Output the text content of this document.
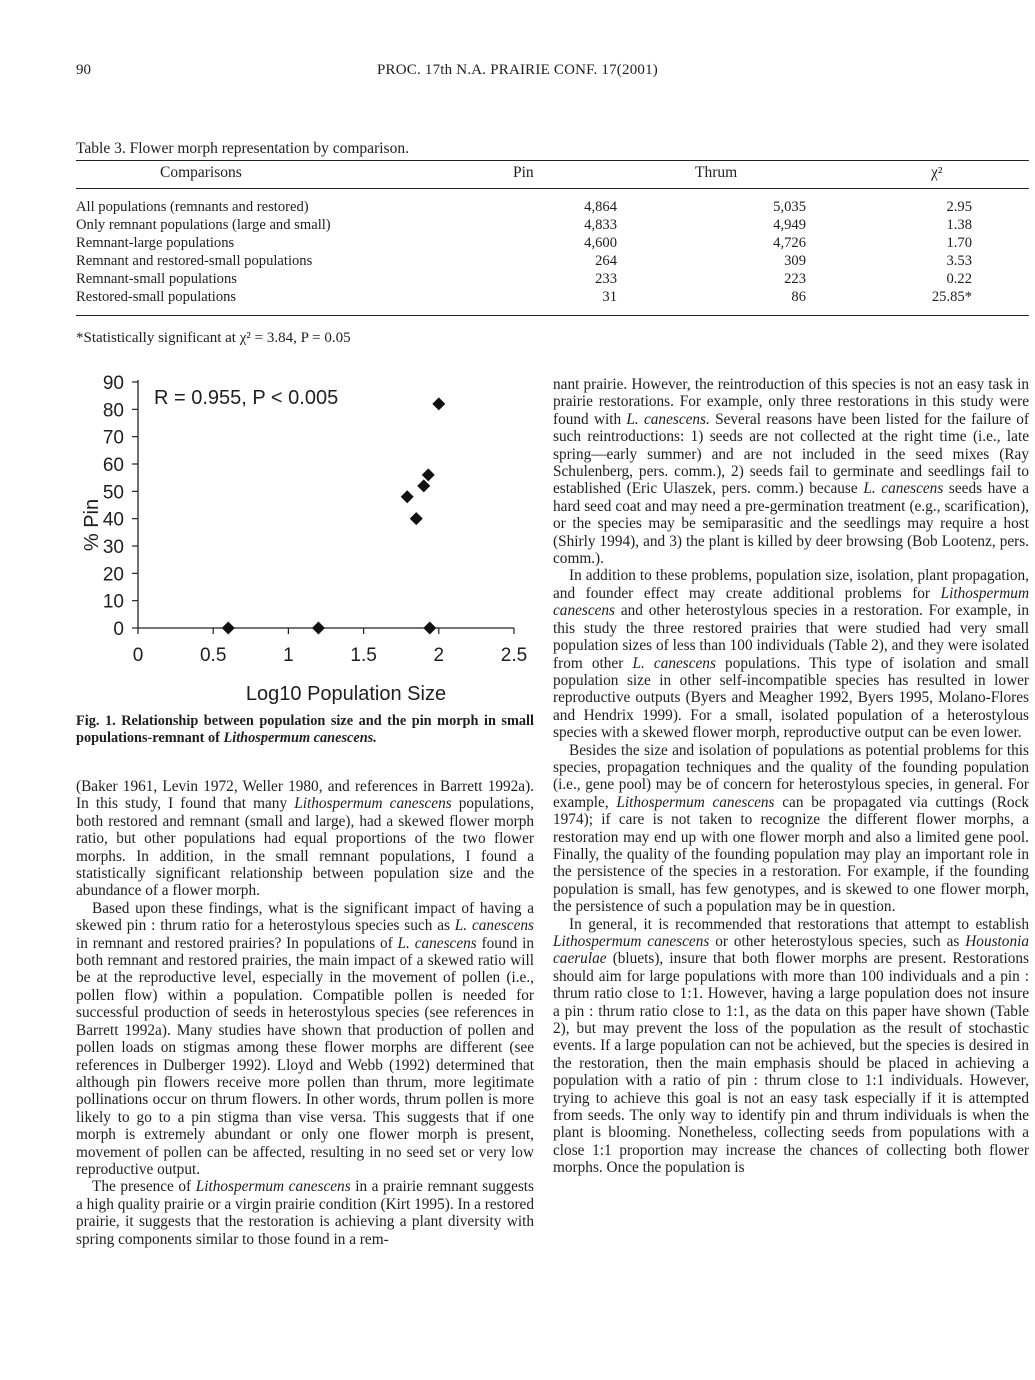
90	PROC. 17th N.A. PRAIRIE CONF. 17(2001)
Table 3. Flower morph representation by comparison.
Comparisons	Pin	Thrum	χ²
All populations (remnants and restored)	4,864	5,035	2.95
Only remnant populations (large and small)	4,833	4,949	1.38
Remnant-large populations	4,600	4,726	1.70
Remnant and restored-small populations	264	309	3.53
Remnant-small populations	233	223	0.22
Restored-small populations	31	86	25.85*
*Statistically significant at χ² = 3.84, P = 0.05
0
10
20
30
40
50
60
70
80
90
0	0.5	1	1.5	2	2.5
R = 0.955, P < 0.005
Log10 Population Size
% Pin
Fig. 1. Relationship between population size and the pin morph in small populations-remnant of Lithospermum canescens.

(Baker 1961, Levin 1972, Weller 1980, and references in Barrett 1992a). In this study, I found that many Lithospermum canescens populations, both restored and remnant (small and large), had a skewed flower morph ratio, but other populations had equal proportions of the two flower morphs. In addition, in the small remnant populations, I found a statistically significant relationship between population size and the abundance of a flower morph.

Based upon these findings, what is the significant impact of having a skewed pin : thrum ratio for a heterostylous species such as L. canescens in remnant and restored prairies? In populations of L. canescens found in both remnant and restored prairies, the main impact of a skewed ratio will be at the reproductive level, especially in the movement of pollen (i.e., pollen flow) within a population. Compatible pollen is needed for successful production of seeds in heterostylous species (see references in Barrett 1992a). Many studies have shown that production of pollen and pollen loads on stigmas among these flower morphs are different (see references in Dulberger 1992). Lloyd and Webb (1992) determined that although pin flowers receive more pollen than thrum, more legitimate pollinations occur on thrum flowers. In other words, thrum pollen is more likely to go to a pin stigma than vise versa. This suggests that if one morph is extremely abundant or only one flower morph is present, movement of pollen can be affected, resulting in no seed set or very low reproductive output.

The presence of Lithospermum canescens in a prairie remnant suggests a high quality prairie or a virgin prairie condition (Kirt 1995). In a restored prairie, it suggests that the restoration is achieving a plant diversity with spring components similar to those found in a rem-

nant prairie. However, the reintroduction of this species is not an easy task in prairie restorations. For example, only three restorations in this study were found with L. canescens. Several reasons have been listed for the failure of such reintroductions: 1) seeds are not collected at the right time (i.e., late spring—early summer) and are not included in the seed mixes (Ray Schulenberg, pers. comm.), 2) seeds fail to germinate and seedlings fail to established (Eric Ulaszek, pers. comm.) because L. canescens seeds have a hard seed coat and may need a pre-germination treatment (e.g., scarification), or the species may be semiparasitic and the seedlings may require a host (Shirly 1994), and 3) the plant is killed by deer browsing (Bob Lootenz, pers. comm.).

In addition to these problems, population size, isolation, plant propagation, and founder effect may create additional problems for Lithospermum canescens and other heterostylous species in a restoration. For example, in this study the three restored prairies that were studied had very small population sizes of less than 100 individuals (Table 2), and they were isolated from other L. canescens populations. This type of isolation and small population size in other self-incompatible species has resulted in lower reproductive outputs (Byers and Meagher 1992, Byers 1995, Molano-Flores and Hendrix 1999). For a small, isolated population of a heterostylous species with a skewed flower morph, reproductive output can be even lower.

Besides the size and isolation of populations as potential problems for this species, propagation techniques and the quality of the founding population (i.e., gene pool) may be of concern for heterostylous species, in general. For example, Lithospermum canescens can be propagated via cuttings (Rock 1974); if care is not taken to recognize the different flower morphs, a restoration may end up with one flower morph and also a limited gene pool. Finally, the quality of the founding population may play an important role in the persistence of the species in a restoration. For example, if the founding population is small, has few genotypes, and is skewed to one flower morph, the persistence of such a population may be in question.

In general, it is recommended that restorations that attempt to establish Lithospermum canescens or other heterostylous species, such as Houstonia caerulae (bluets), insure that both flower morphs are present. Restorations should aim for large populations with more than 100 individuals and a pin : thrum ratio close to 1:1. However, having a large population does not insure a pin : thrum ratio close to 1:1, as the data on this paper have shown (Table 2), but may prevent the loss of the population as the result of stochastic events. If a large population can not be achieved, but the species is desired in the restoration, then the main emphasis should be placed in achieving a population with a ratio of pin : thrum close to 1:1 individuals. However, trying to achieve this goal is not an easy task especially if it is attempted from seeds. The only way to identify pin and thrum individuals is when the plant is blooming. Nonetheless, collecting seeds from populations with a close 1:1 proportion may increase the chances of collecting both flower morphs. Once the population is
